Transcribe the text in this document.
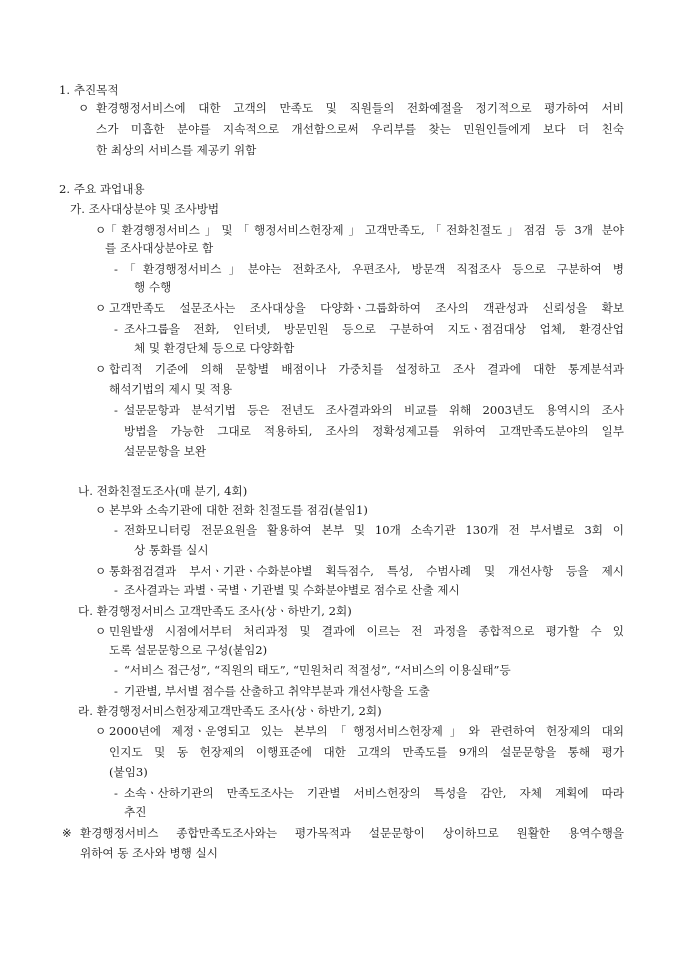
1. 추진목적
ㅇ 환경행정서비스에 대한 고객의 만족도 및 직원들의 전화예절을 정기적으로 평가하여 서비
스가 미흡한 분야를 지속적으로 개선함으로써 우리부를 찾는 민원인들에게 보다 더 친숙
한 최상의 서비스를 제공키 위함
2. 주요 과업내용
가. 조사대상분야 및 조사방법
ㅇ
「환경행정서비스」및「행정서비스헌장제」고객만족도,「전화친절도」점검 등 3개 분야
를 조사대상분야로 함
- 「환경행정서비스」분야는 전화조사, 우편조사, 방문객 직접조사 등으로 구분하여 병
행 수행
ㅇ 고객만족도 설문조사는 조사대상을 다양화ㆍ그룹화하여 조사의 객관성과 신뢰성을 확보
- 조사그룹을 전화, 인터넷, 방문민원 등으로 구분하여 지도ㆍ점검대상 업체, 환경산업
체 및 환경단체 등으로 다양화함
ㅇ 합리적 기준에 의해 문항별 배점이나 가중치를 설정하고 조사 결과에 대한 통계분석과
해석기법의 제시 및 적용
- 설문문항과 분석기법 등은 전년도 조사결과와의 비교를 위해 2003년도 용역시의 조사
방법을 가능한 그대로 적용하되, 조사의 정확성제고를 위하여 고객만족도분야의 일부
설문문항을 보완
나. 전화친절도조사(매 분기, 4회)
ㅇ 본부와 소속기관에 대한 전화 친절도를 점검(붙임1)
- 전화모니터링 전문요원을 활용하여 본부 및 10개 소속기관 130개 전 부서별로 3회 이
상 통화를 실시
ㅇ 통화점검결과 부서ㆍ기관ㆍ수화분야별 획득점수, 특성, 수범사례 및 개선사항 등을 제시
- 조사결과는 과별ㆍ국별ㆍ기관별 및 수화분야별로 점수로 산출 제시
다. 환경행정서비스 고객만족도 조사(상ㆍ하반기, 2회)
ㅇ 민원발생 시점에서부터 처리과정 및 결과에 이르는 전 과정을 종합적으로 평가할 수 있
도록 설문문항으로 구성(붙임2)
- “서비스 접근성”, “직원의 태도”, “민원처리 적절성”, “서비스의 이용실태”등
- 기관별, 부서별 점수를 산출하고 취약부분과 개선사항을 도출
라. 환경행정서비스헌장제고객만족도 조사(상ㆍ하반기, 2회)
ㅇ 2000년에 제정ㆍ운영되고 있는 본부의「행정서비스헌장제」와 관련하여 헌장제의 대외
인지도 및 동 헌장제의 이행표준에 대한 고객의 만족도를 9개의 설문문항을 통해 평가
(붙임3)
- 소속ㆍ산하기관의 만족도조사는 기관별 서비스헌장의 특성을 감안, 자체 계획에 따라
추진
※ 환경행정서비스 종합만족도조사와는 평가목적과 설문문항이 상이하므로 원활한 용역수행을
위하여 동 조사와 병행 실시
